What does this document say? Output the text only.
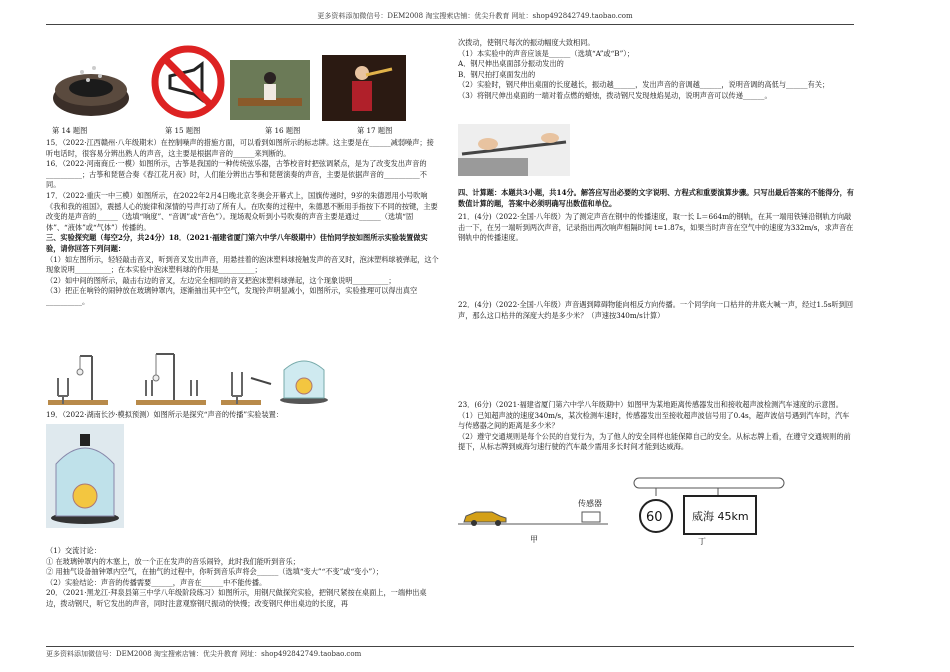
更多资料添加微信号：DEM2008 淘宝搜索店铺：优尖升教育 网址：shop492842749.taobao.com
第 14 题图	第 15 题图	第 16 题图	第 17 题图

15．（2022·江西赣州·八年级期末）在控制噪声的措施方面，可以看到如图所示的标志牌。这主要是在______减弱噪声；接听电话时，很容易分辨出熟人的声音，这主要是根据声音的______来判断的。

16．（2022·河南商丘·一模）如图所示，古筝是我国的一种传统弦乐器，古筝校音时把弦调紧点，是为了改变发出声音的__________；古筝和琵琶合奏《春江花月夜》时，人们能分辨出古筝和琵琶演奏的声音，主要是依据声音的__________不同。

17．（2022·重庆一中三模）如图所示，在2022年2月4日晚北京冬奥会开幕式上，国旗传递时，9岁的朱德恩用小号吹响《我和我的祖国》，震撼人心的旋律和深情的号声打动了所有人。在吹奏的过程中，朱德恩不断用手指按下不同的按键，主要改变的是声音的______（选填“响度”、“音调”或“音色”）。现场观众听到小号吹奏的声音主要是通过______（选填“固体”、“液体”或“气体”）传播的。

三、实验探究题（每空2分，共24分）18．（2021·福建省厦门第六中学八年级期中）佳怡同学按如图所示实验装置做实验，请你回答下列问题：

（1）如左图所示，轻轻敲击音叉，听到音叉发出声音，用悬挂着的泡沫塑料球接触发声的音叉时，泡沫塑料球被弹起，这个现象说明__________；在本实验中泡沫塑料球的作用是__________；

（2）如中间的图所示，敲击右边的音叉，左边完全相同的音叉把泡沫塑料球弹起，这个现象说明__________；

（3）把正在响铃的闹钟放在玻璃钟罩内，逐渐抽出其中空气，发现铃声明显减小，如图所示，实验推理可以得出真空__________。

19．（2022·湖南长沙·模拟预测）如图所示是探究“声音的传播”实验装置：

（1）交流讨论：

① 在玻璃钟罩内的木塞上，放一个正在发声的音乐闹铃，此时我们能听到音乐；

② 用抽气设备抽钟罩内空气，在抽气的过程中，你听到音乐声将会______（选填“变大”“不变”或“变小”）；

（2）实验结论：声音的传播需要______，声音在______中不能传播。

20．（2021·黑龙江·拜泉县第三中学八年级阶段练习）如图所示，用钢尺做探究实验，把钢尺紧按在桌面上，一端伸出桌边，拨动钢尺，听它发出的声音，同时注意观察钢尺振动的快慢；改变钢尺伸出桌边的长度，再

次拨动，使钢尺每次的振动幅度大致相同。

（1）本实验中的声音应该是______（选填“A”或“B”）；

A．钢尺伸出桌面部分振动发出的

B．钢尺拍打桌面发出的

（2）实验时，钢尺伸出桌面的长度越长，振动越______，发出声音的音调越______，说明音调的高低与______有关；

（3）将钢尺伸出桌面的一端对着点燃的蜡烛，拨动钢尺发现烛焰晃动，说明声音可以传递______。

四、计算题：本题共3小题，共14分。解答应写出必要的文字说明、方程式和重要演算步骤。只写出最后答案的不能得分，有数值计算的题，答案中必须明确写出数值和单位。
21．(4分)（2022·全国·八年级）为了测定声音在钢中的传播速度，取一长 L＝664m的钢轨，在其一端用铁锤沿钢轨方向敲击一下，在另一端听到两次声音，记录指出两次响声相隔时间 t=1.87s，如果当时声音在空气中的速度为332m/s，求声音在钢轨中的传播速度。
22．(4分)（2022·全国·八年级）声音遇到障碍物能向相反方向传播。一个同学向一口枯井的井底大喊一声，经过1.5s听到回声，那么这口枯井的深度大约是多少米？（声速按340m/s计算）

23．(6分)（2021·福建省厦门第六中学八年级期中）如图甲为某地距离传感器发出和接收超声波检测汽车速度的示意图。

（1）已知超声波的速度340m/s，某次检测车速时，传感器发出至接收超声波信号用了0.4s，超声波信号遇到汽车时，汽车与传感器之间的距离是多少米？

（2）遵守交通规则是每个公民的自觉行为，为了他人的安全同样也能保障自己的安全。从标志牌上看，在遵守交通规则的前提下，从标志牌到威海匀速行驶的汽车最少需用多长时间才能到达威海。

传感器
甲
60	威海 45km
丁
更多资料添加微信号：DEM2008 淘宝搜索店铺：优尖升教育 网址：shop492842749.taobao.com
